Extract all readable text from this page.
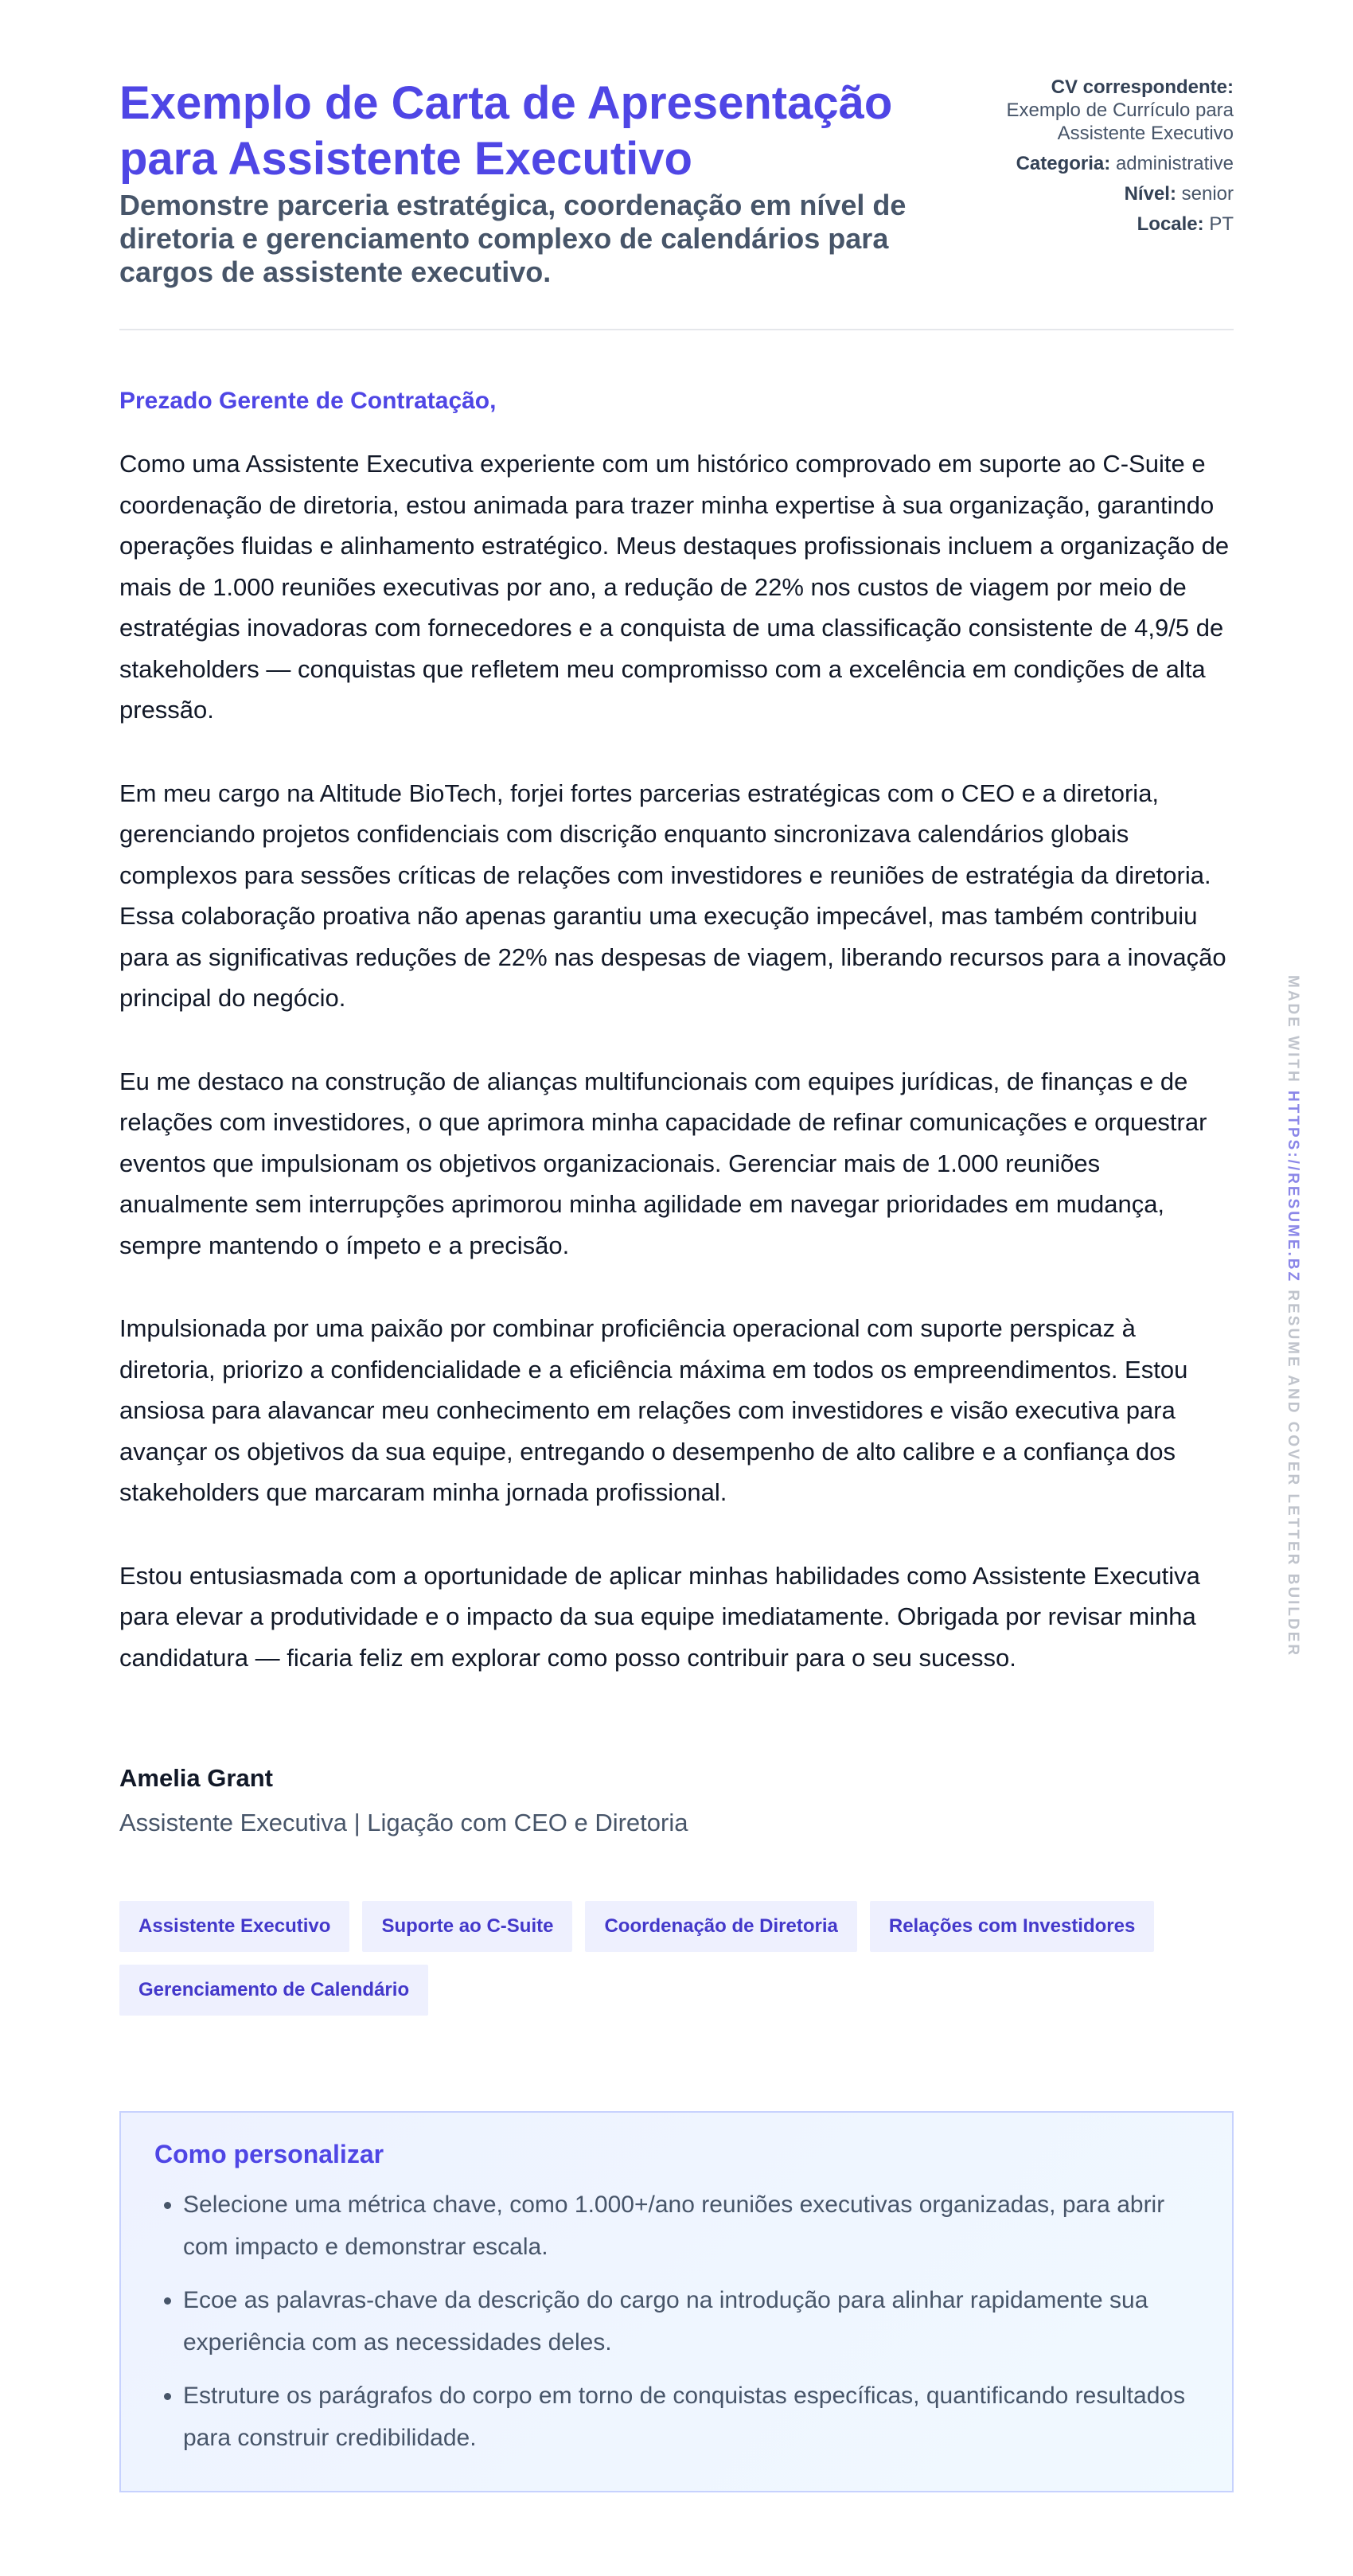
Exemplo de Carta de Apresentação para Assistente Executivo
Demonstre parceria estratégica, coordenação em nível de diretoria e gerenciamento complexo de calendários para cargos de assistente executivo.
CV correspondente:
Exemplo de Currículo para Assistente Executivo
Categoria: administrative
Nível: senior
Locale: PT
Prezado Gerente de Contratação,
Como uma Assistente Executiva experiente com um histórico comprovado em suporte ao C-Suite e coordenação de diretoria, estou animada para trazer minha expertise à sua organização, garantindo operações fluidas e alinhamento estratégico. Meus destaques profissionais incluem a organização de mais de 1.000 reuniões executivas por ano, a redução de 22% nos custos de viagem por meio de estratégias inovadoras com fornecedores e a conquista de uma classificação consistente de 4,9/5 de stakeholders — conquistas que refletem meu compromisso com a excelência em condições de alta pressão.
Em meu cargo na Altitude BioTech, forjei fortes parcerias estratégicas com o CEO e a diretoria, gerenciando projetos confidenciais com discrição enquanto sincronizava calendários globais complexos para sessões críticas de relações com investidores e reuniões de estratégia da diretoria. Essa colaboração proativa não apenas garantiu uma execução impecável, mas também contribuiu para as significativas reduções de 22% nas despesas de viagem, liberando recursos para a inovação principal do negócio.
Eu me destaco na construção de alianças multifuncionais com equipes jurídicas, de finanças e de relações com investidores, o que aprimora minha capacidade de refinar comunicações e orquestrar eventos que impulsionam os objetivos organizacionais. Gerenciar mais de 1.000 reuniões anualmente sem interrupções aprimorou minha agilidade em navegar prioridades em mudança, sempre mantendo o ímpeto e a precisão.
Impulsionada por uma paixão por combinar proficiência operacional com suporte perspicaz à diretoria, priorizo a confidencialidade e a eficiência máxima em todos os empreendimentos. Estou ansiosa para alavancar meu conhecimento em relações com investidores e visão executiva para avançar os objetivos da sua equipe, entregando o desempenho de alto calibre e a confiança dos stakeholders que marcaram minha jornada profissional.
Estou entusiasmada com a oportunidade de aplicar minhas habilidades como Assistente Executiva para elevar a produtividade e o impacto da sua equipe imediatamente. Obrigada por revisar minha candidatura — ficaria feliz em explorar como posso contribuir para o seu sucesso.
Amelia Grant
Assistente Executiva | Ligação com CEO e Diretoria
Assistente Executivo	Suporte ao C-Suite	Coordenação de Diretoria	Relações com Investidores
Gerenciamento de Calendário
Como personalizar
• Selecione uma métrica chave, como 1.000+/ano reuniões executivas organizadas, para abrir com impacto e demonstrar escala.
• Ecoe as palavras-chave da descrição do cargo na introdução para alinhar rapidamente sua experiência com as necessidades deles.
• Estruture os parágrafos do corpo em torno de conquistas específicas, quantificando resultados para construir credibilidade.
MADE WITH HTTPS://RESUME.BZ RESUME AND COVER LETTER BUILDER
